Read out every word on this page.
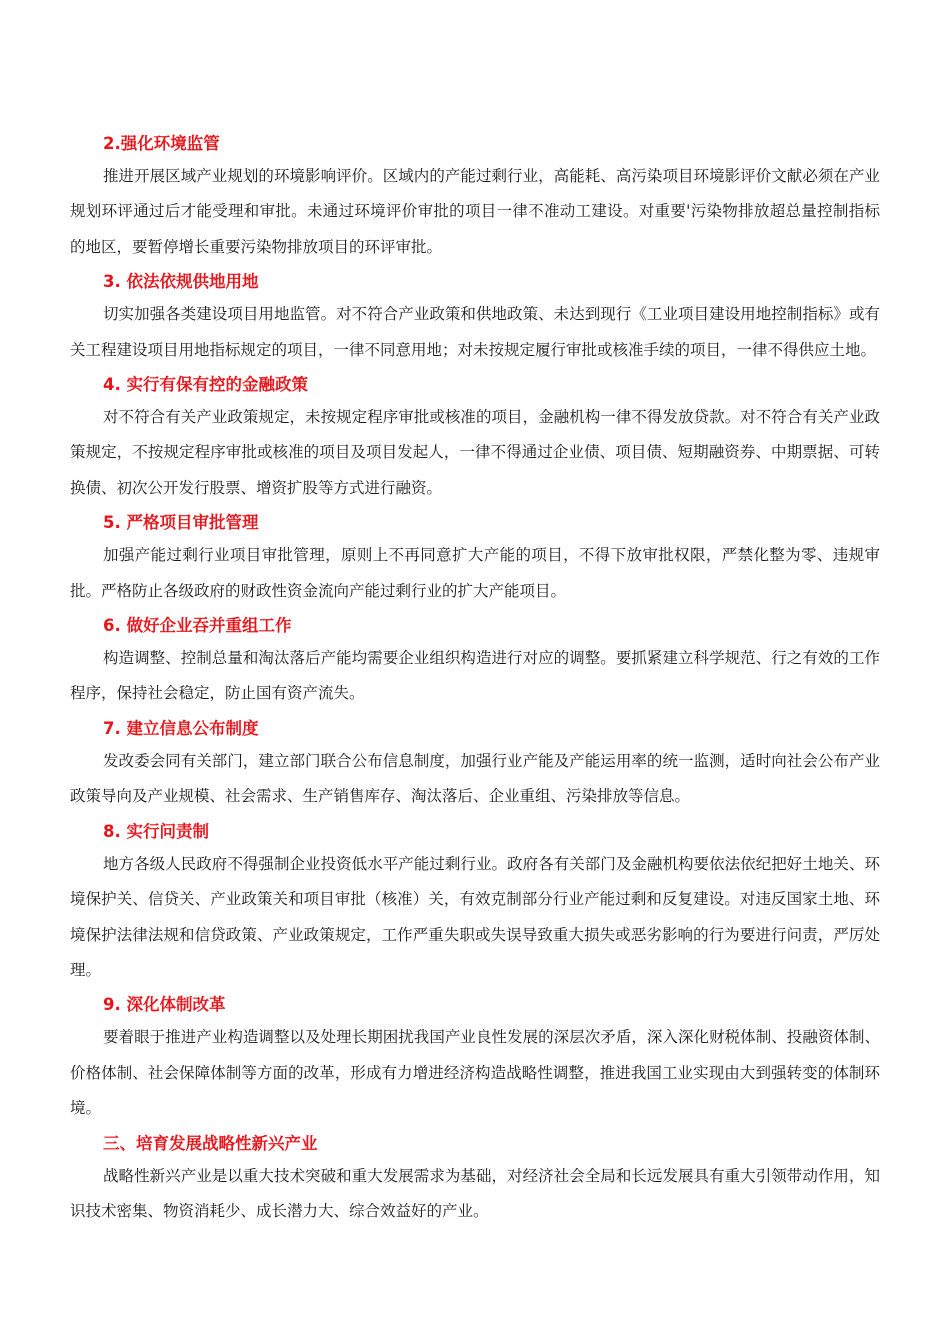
2.强化环境监管

推进开展区域产业规划的环境影响评价。区域内的产能过剩行业，高能耗、高污染项目环境影评价文献必须在产业规划环评通过后才能受理和审批。未通过环境评价审批的项目一律不准动工建设。对重要'污染物排放超总量控制指标的地区，要暂停增长重要污染物排放项目的环评审批。

3. 依法依规供地用地

切实加强各类建设项目用地监管。对不符合产业政策和供地政策、未达到现行《工业项目建设用地控制指标》或有关工程建设项目用地指标规定的项目，一律不同意用地；对未按规定履行审批或核准手续的项目，一律不得供应土地。

4. 实行有保有控的金融政策

对不符合有关产业政策规定，未按规定程序审批或核准的项目，金融机构一律不得发放贷款。对不符合有关产业政策规定，不按规定程序审批或核准的项目及项目发起人，一律不得通过企业债、项目债、短期融资券、中期票据、可转换债、初次公开发行股票、增资扩股等方式进行融资。

5. 严格项目审批管理

加强产能过剩行业项目审批管理，原则上不再同意扩大产能的项目，不得下放审批权限，严禁化整为零、违规审批。严格防止各级政府的财政性资金流向产能过剩行业的扩大产能项目。

6. 做好企业吞并重组工作

构造调整、控制总量和淘汰落后产能均需要企业组织构造进行对应的调整。要抓紧建立科学规范、行之有效的工作程序，保持社会稳定，防止国有资产流失。

7. 建立信息公布制度

发改委会同有关部门，建立部门联合公布信息制度，加强行业产能及产能运用率的统一监测，适时向社会公布产业政策导向及产业规模、社会需求、生产销售库存、淘汰落后、企业重组、污染排放等信息。

8. 实行问责制

地方各级人民政府不得强制企业投资低水平产能过剩行业。政府各有关部门及金融机构要依法依纪把好土地关、环境保护关、信贷关、产业政策关和项目审批（核准）关，有效克制部分行业产能过剩和反复建设。对违反国家土地、环境保护法律法规和信贷政策、产业政策规定，工作严重失职或失误导致重大损失或恶劣影响的行为要进行问责，严厉处理。

9. 深化体制改革

要着眼于推进产业构造调整以及处理长期困扰我国产业良性发展的深层次矛盾，深入深化财税体制、投融资体制、价格体制、社会保障体制等方面的改革，形成有力增进经济构造战略性调整，推进我国工业实现由大到强转变的体制环境。

三、培育发展战略性新兴产业

战略性新兴产业是以重大技术突破和重大发展需求为基础，对经济社会全局和长远发展具有重大引领带动作用，知识技术密集、物资消耗少、成长潜力大、综合效益好的产业。
